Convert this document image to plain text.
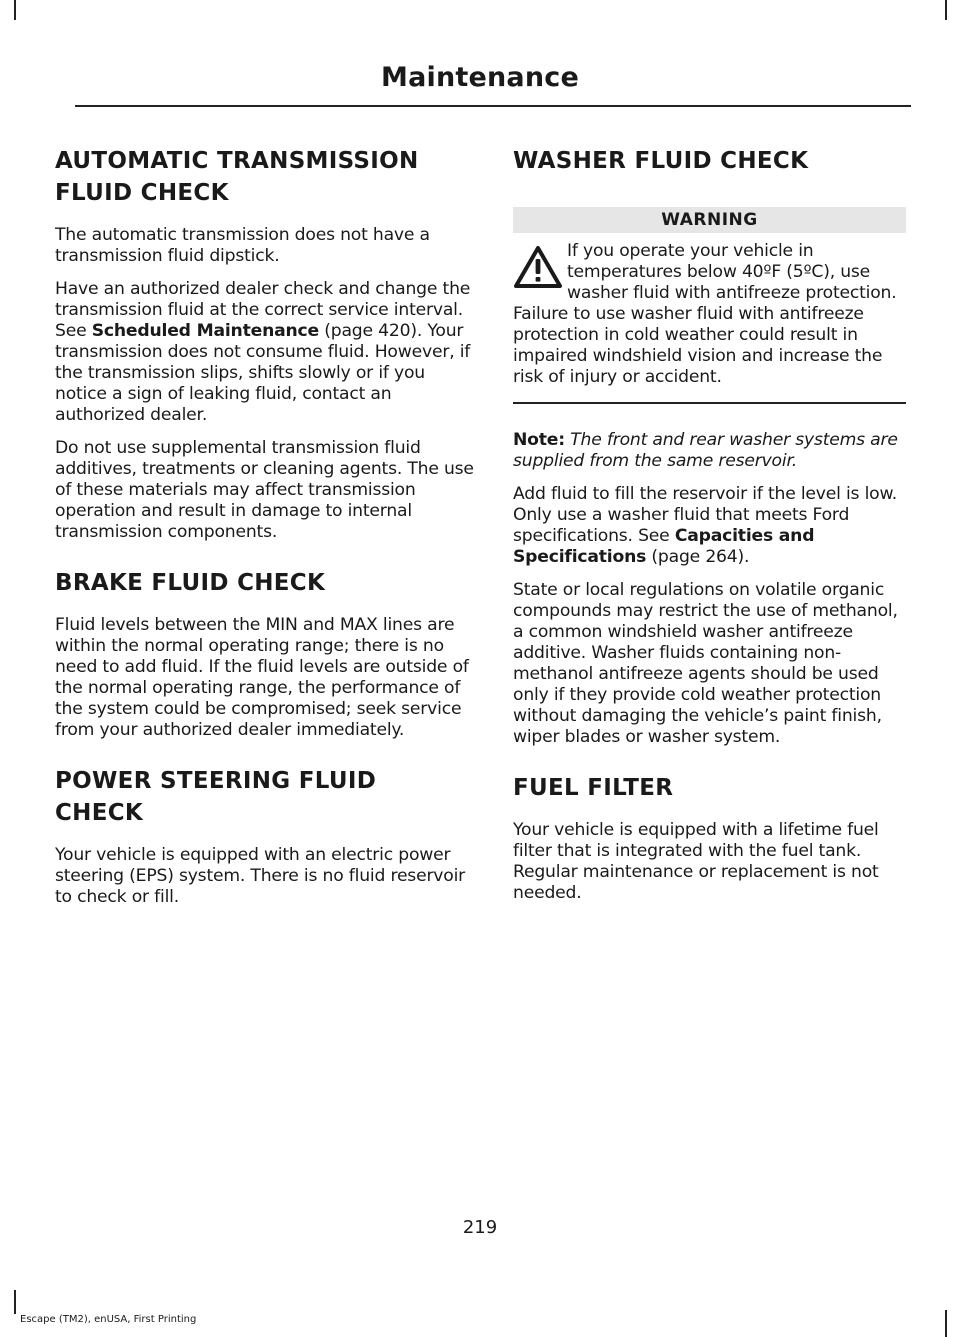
Maintenance
AUTOMATIC TRANSMISSION
FLUID CHECK

The automatic transmission does not have a transmission fluid dipstick.

Have an authorized dealer check and change the transmission fluid at the correct service interval. See Scheduled Maintenance (page 420). Your transmission does not consume fluid. However, if the transmission slips, shifts slowly or if you notice a sign of leaking fluid, contact an authorized dealer.

Do not use supplemental transmission fluid additives, treatments or cleaning agents. The use of these materials may affect transmission operation and result in damage to internal transmission components.

BRAKE FLUID CHECK

Fluid levels between the MIN and MAX lines are within the normal operating range; there is no need to add fluid. If the fluid levels are outside of the normal operating range, the performance of the system could be compromised; seek service from your authorized dealer immediately.

POWER STEERING FLUID
CHECK

Your vehicle is equipped with an electric power steering (EPS) system. There is no fluid reservoir to check or fill.

WASHER FLUID CHECK
WARNING
If you operate your vehicle in temperatures below 40ºF (5ºC), use washer fluid with antifreeze protection. Failure to use washer fluid with antifreeze protection in cold weather could result in impaired windshield vision and increase the risk of injury or accident.

Note: The front and rear washer systems are supplied from the same reservoir.

Add fluid to fill the reservoir if the level is low. Only use a washer fluid that meets Ford specifications. See Capacities and Specifications (page 264).

State or local regulations on volatile organic compounds may restrict the use of methanol, a common windshield washer antifreeze additive. Washer fluids containing non-methanol antifreeze agents should be used only if they provide cold weather protection without damaging the vehicle’s paint finish, wiper blades or washer system.

FUEL FILTER

Your vehicle is equipped with a lifetime fuel filter that is integrated with the fuel tank. Regular maintenance or replacement is not needed.

219
Escape (TM2), enUSA, First Printing
